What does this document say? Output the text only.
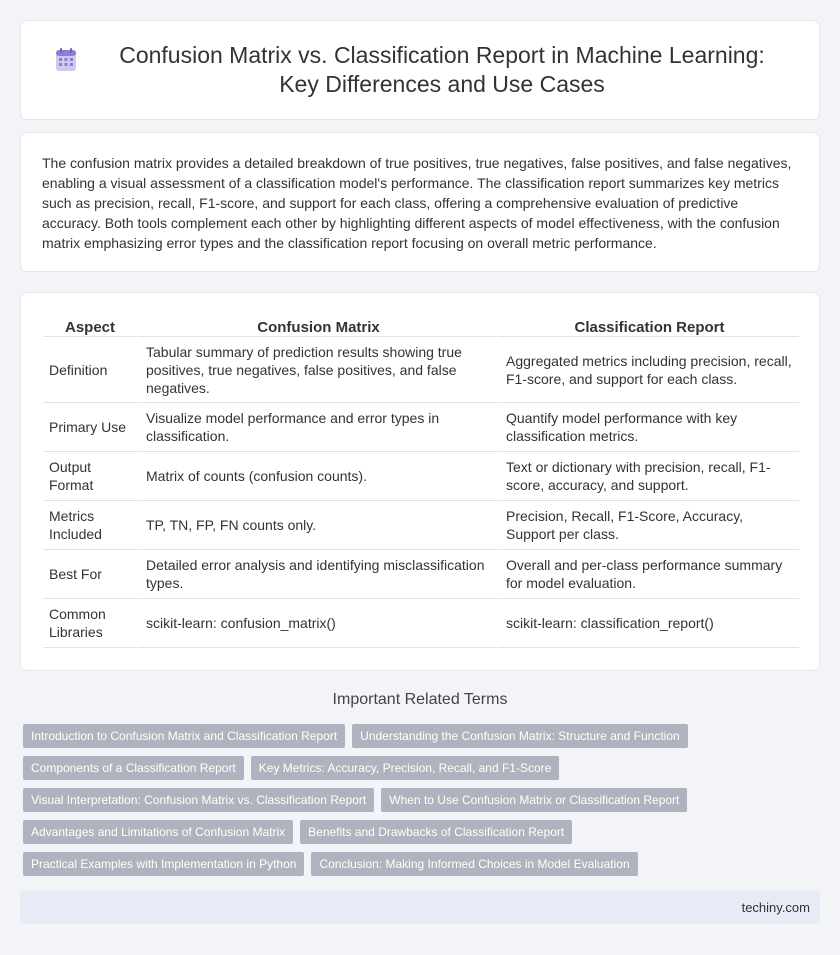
Confusion Matrix vs. Classification Report in Machine Learning: Key Differences and Use Cases

The confusion matrix provides a detailed breakdown of true positives, true negatives, false positives, and false negatives, enabling a visual assessment of a classification model's performance. The classification report summarizes key metrics such as precision, recall, F1-score, and support for each class, offering a comprehensive evaluation of predictive accuracy. Both tools complement each other by highlighting different aspects of model effectiveness, with the confusion matrix emphasizing error types and the classification report focusing on overall metric performance.

Aspect	Confusion Matrix	Classification Report
Definition	Tabular summary of prediction results showing true positives, true negatives, false positives, and false negatives.	Aggregated metrics including precision, recall, F1-score, and support for each class.
Primary Use	Visualize model performance and error types in classification.	Quantify model performance with key classification metrics.
Output Format	Matrix of counts (confusion counts).	Text or dictionary with precision, recall, F1-score, accuracy, and support.
Metrics Included	TP, TN, FP, FN counts only.	Precision, Recall, F1-Score, Accuracy, Support per class.
Best For	Detailed error analysis and identifying misclassification types.	Overall and per-class performance summary for model evaluation.
Common Libraries	scikit-learn: confusion_matrix()	scikit-learn: classification_report()
Important Related Terms
Introduction to Confusion Matrix and Classification Report	Understanding the Confusion Matrix: Structure and Function
Components of a Classification Report	Key Metrics: Accuracy, Precision, Recall, and F1-Score
Visual Interpretation: Confusion Matrix vs. Classification Report	When to Use Confusion Matrix or Classification Report
Advantages and Limitations of Confusion Matrix	Benefits and Drawbacks of Classification Report
Practical Examples with Implementation in Python	Conclusion: Making Informed Choices in Model Evaluation
techiny.com
